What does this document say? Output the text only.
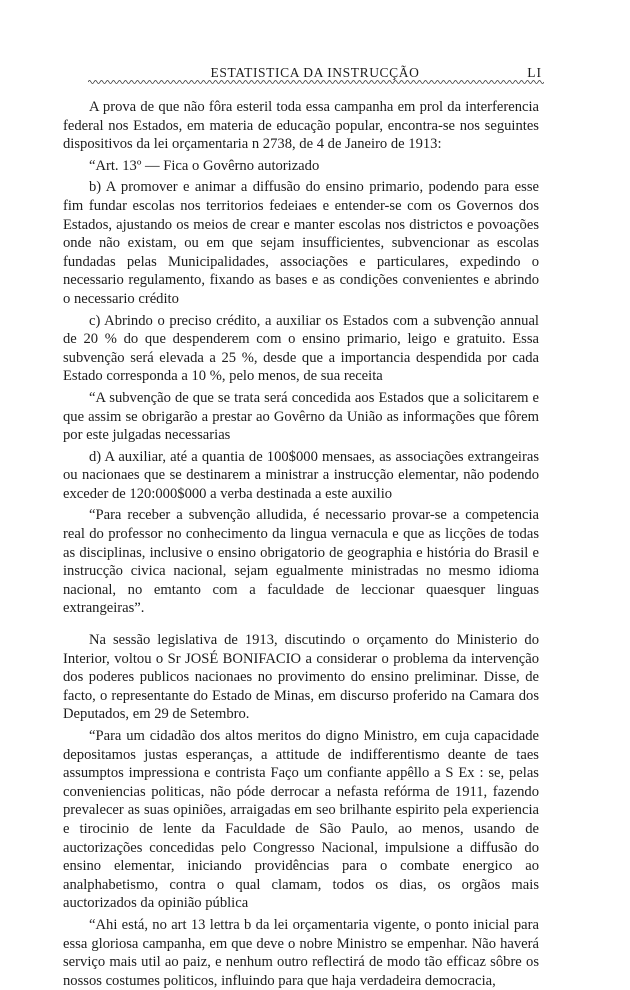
ESTATISTICA DA INSTRUCÇÃO	LI

A prova de que não fôra esteril toda essa campanha em prol da interferencia federal nos Estados, em materia de educação popular, encontra-se nos seguintes dispositivos da lei orçamentaria n 2738, de 4 de Janeiro de 1913:

“Art. 13º — Fica o Govêrno autorizado

b) A promover e animar a diffusão do ensino primario, podendo para esse fim fundar escolas nos territorios fedeiaes e entender-se com os Governos dos Estados, ajustando os meios de crear e manter escolas nos districtos e povoações onde não existam, ou em que sejam insufficientes, subvencionar as escolas fundadas pelas Municipalidades, associações e particulares, expedindo o necessario regulamento, fixando as bases e as condições convenientes e abrindo o necessario crédito

c) Abrindo o preciso crédito, a auxiliar os Estados com a subvenção annual de 20 % do que despenderem com o ensino primario, leigo e gratuito. Essa subvenção será elevada a 25 %, desde que a importancia despendida por cada Estado corresponda a 10 %, pelo menos, de sua receita

“A subvenção de que se trata será concedida aos Estados que a solicitarem e que assim se obrigarão a prestar ao Govêrno da União as informações que fôrem por este julgadas necessarias

d) A auxiliar, até a quantia de 100$000 mensaes, as associações extrangeiras ou nacionaes que se destinarem a ministrar a instrucção elementar, não podendo exceder de 120:000$000 a verba destinada a este auxilio

“Para receber a subvenção alludida, é necessario provar-se a competencia real do professor no conhecimento da lingua vernacula e que as licções de todas as disciplinas, inclusive o ensino obrigatorio de geographia e história do Brasil e instrucção civica nacional, sejam egualmente ministradas no mesmo idioma nacional, no emtanto com a faculdade de leccionar quaesquer linguas extrangeiras”.

Na sessão legislativa de 1913, discutindo o orçamento do Ministerio do Interior, voltou o Sr JOSÉ BONIFACIO a considerar o problema da intervenção dos poderes publicos nacionaes no provimento do ensino preliminar. Disse, de facto, o representante do Estado de Minas, em discurso proferido na Camara dos Deputados, em 29 de Setembro.

“Para um cidadão dos altos meritos do digno Ministro, em cuja capacidade depositamos justas esperanças, a attitude de indifferentismo deante de taes assumptos impressiona e contrista Faço um confiante appêllo a S Ex : se, pelas conveniencias politicas, não póde derrocar a nefasta refórma de 1911, fazendo prevalecer as suas opiniões, arraigadas em seo brilhante espirito pela experiencia e tirocinio de lente da Faculdade de São Paulo, ao menos, usando de auctorizações concedidas pelo Congresso Nacional, impulsione a diffusão do ensino elementar, iniciando providências para o combate energico ao analphabetismo, contra o qual clamam, todos os dias, os orgãos mais auctorizados da opinião pública

“Ahi está, no art 13 lettra b da lei orçamentaria vigente, o ponto inicial para essa gloriosa campanha, em que deve o nobre Ministro se empenhar. Não haverá serviço mais util ao paiz, e nenhum outro reflectirá de modo tão efficaz sôbre os nossos costumes politicos, influindo para que haja verdadeira democracia,
